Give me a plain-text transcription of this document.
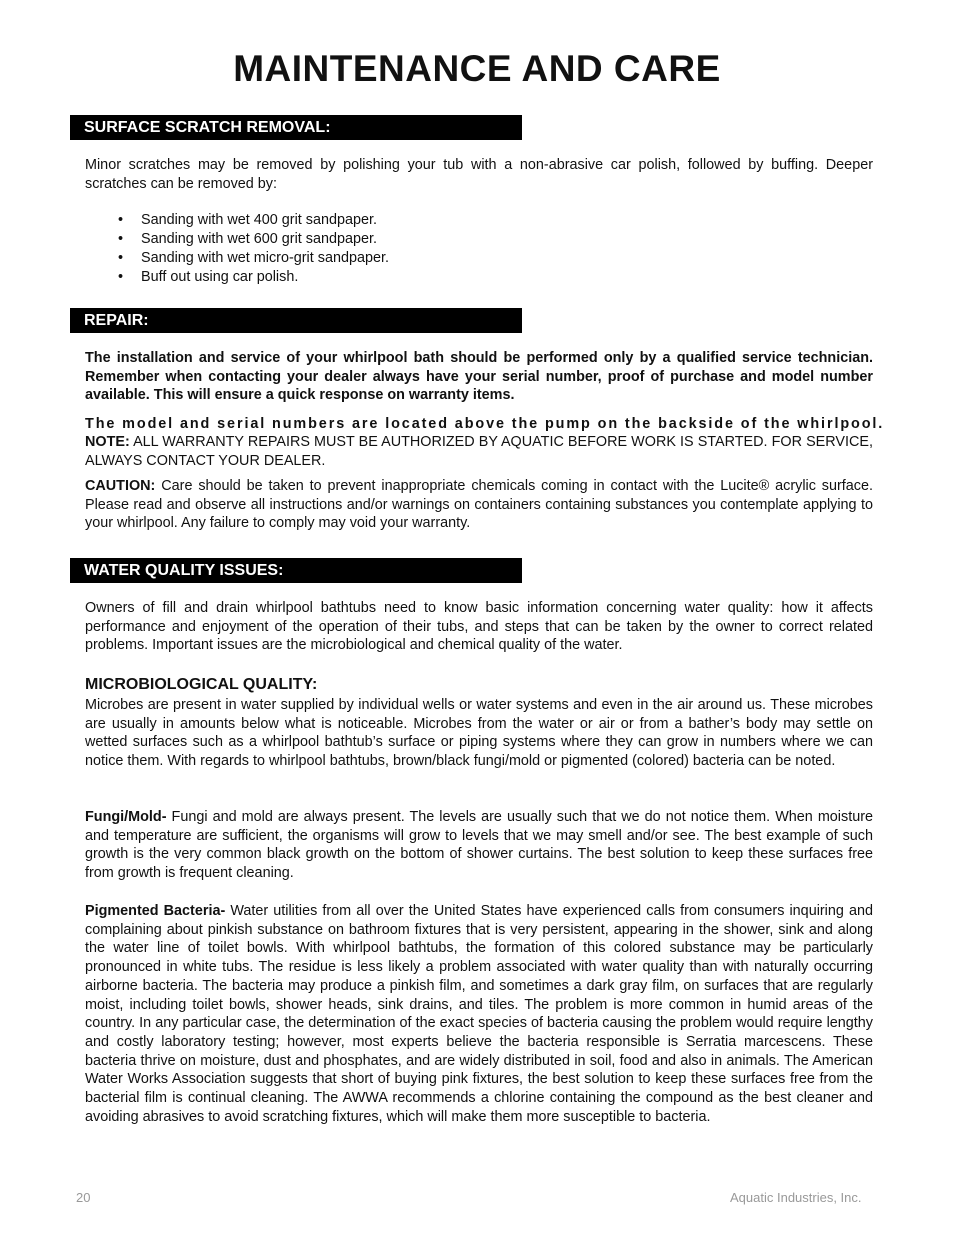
MAINTENANCE AND CARE
SURFACE SCRATCH REMOVAL:

Minor scratches may be removed by polishing your tub with a non-abrasive car polish, followed by buffing. Deeper scratches can be removed by:

• Sanding with wet 400 grit sandpaper.
• Sanding with wet 600 grit sandpaper.
• Sanding with wet micro-grit sandpaper.
• Buff out using car polish.
REPAIR:

The installation and service of your whirlpool bath should be performed only by a qualified service technician. Remember when contacting your dealer always have your serial number, proof of purchase and model number available. This will ensure a quick response on warranty items.

The model and serial numbers are located above the pump on the backside of the whirlpool.

NOTE: ALL WARRANTY REPAIRS MUST BE AUTHORIZED BY AQUATIC BEFORE WORK IS STARTED. FOR SERVICE, ALWAYS CONTACT YOUR DEALER.

CAUTION: Care should be taken to prevent inappropriate chemicals coming in contact with the Lucite® acrylic surface. Please read and observe all instructions and/or warnings on containers containing substances you contemplate applying to your whirlpool. Any failure to comply may void your warranty.

WATER QUALITY ISSUES:

Owners of fill and drain whirlpool bathtubs need to know basic information concerning water quality: how it affects performance and enjoyment of the operation of their tubs, and steps that can be taken by the owner to correct related problems. Important issues are the microbiological and chemical quality of the water.

MICROBIOLOGICAL QUALITY:

Microbes are present in water supplied by individual wells or water systems and even in the air around us. These microbes are usually in amounts below what is noticeable. Microbes from the water or air or from a bather’s body may settle on wetted surfaces such as a whirlpool bathtub’s surface or piping systems where they can grow in numbers where we can notice them. With regards to whirlpool bathtubs, brown/black fungi/mold or pigmented (colored) bacteria can be noted.

Fungi/Mold- Fungi and mold are always present. The levels are usually such that we do not notice them. When moisture and temperature are sufficient, the organisms will grow to levels that we may smell and/or see. The best example of such growth is the very common black growth on the bottom of shower curtains. The best solution to keep these surfaces free from growth is frequent cleaning.

Pigmented Bacteria- Water utilities from all over the United States have experienced calls from consumers inquiring and complaining about pinkish substance on bathroom fixtures that is very persistent, appearing in the shower, sink and along the water line of toilet bowls. With whirlpool bathtubs, the formation of this colored substance may be particularly pronounced in white tubs. The residue is less likely a problem associated with water quality than with naturally occurring airborne bacteria. The bacteria may produce a pinkish film, and sometimes a dark gray film, on surfaces that are regularly moist, including toilet bowls, shower heads, sink drains, and tiles. The problem is more common in humid areas of the country. In any particular case, the determination of the exact species of bacteria causing the problem would require lengthy and costly laboratory testing; however, most experts believe the bacteria responsible is Serratia marcescens. These bacteria thrive on moisture, dust and phosphates, and are widely distributed in soil, food and also in animals. The American Water Works Association suggests that short of buying pink fixtures, the best solution to keep these surfaces free from the bacterial film is continual cleaning. The AWWA recommends a chlorine containing the compound as the best cleaner and avoiding abrasives to avoid scratching fixtures, which will make them more susceptible to bacteria.

20	Aquatic Industries, Inc.
